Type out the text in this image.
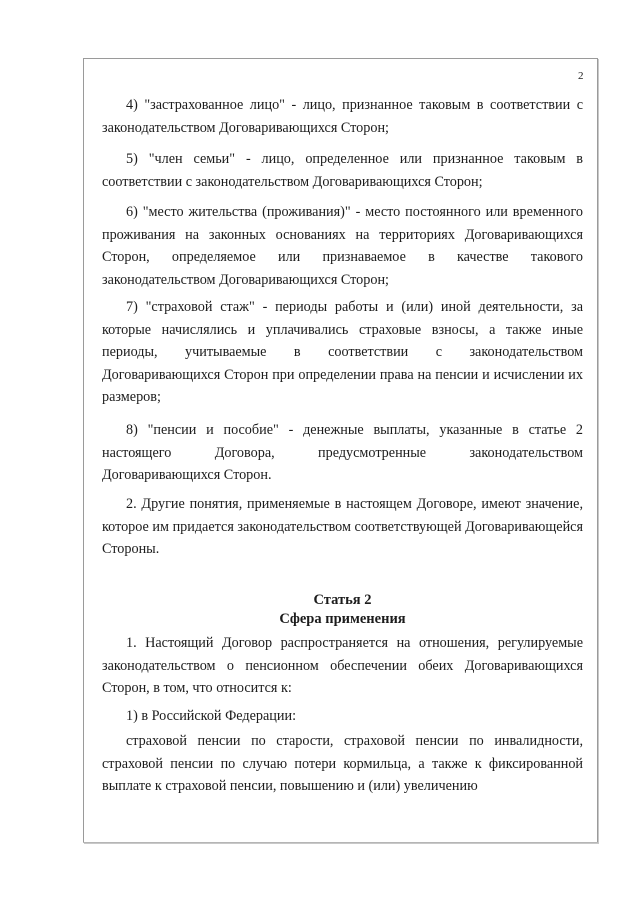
2

4) "застрахованное лицо" - лицо, признанное таковым в соответствии с законодательством Договаривающихся Сторон;

5) "член семьи" - лицо, определенное или признанное таковым в соответствии с законодательством Договаривающихся Сторон;

6) "место жительства (проживания)" - место постоянного или временного проживания на законных основаниях на территориях Договаривающихся Сторон, определяемое или признаваемое в качестве такового законодательством Договаривающихся Сторон;

7) "страховой стаж" - периоды работы и (или) иной деятельности, за которые начислялись и уплачивались страховые взносы, а также иные периоды, учитываемые в соответствии с законодательством Договаривающихся Сторон при определении права на пенсии и исчислении их размеров;

8) "пенсии и пособие" - денежные выплаты, указанные в статье 2 настоящего Договора, предусмотренные законодательством Договаривающихся Сторон.

2. Другие понятия, применяемые в настоящем Договоре, имеют значение, которое им придается законодательством соответствующей Договаривающейся Стороны.

Статья 2
Сфера применения

1. Настоящий Договор распространяется на отношения, регулируемые законодательством о пенсионном обеспечении обеих Договаривающихся Сторон, в том, что относится к:

1) в Российской Федерации:

страховой пенсии по старости, страховой пенсии по инвалидности, страховой пенсии по случаю потери кормильца, а также к фиксированной выплате к страховой пенсии, повышению и (или) увеличению
